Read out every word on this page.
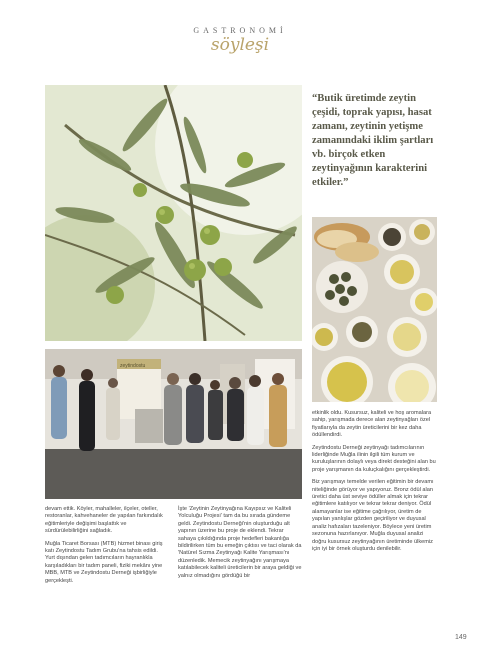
GASTRONOMİ
söyleşi
“Butik üretimde zeytin çeşidi, toprak yapısı, hasat zamanı, zeytinin yetişme zamanındaki iklim şartları vb. birçok etken zeytinyağının karakterini etkiler.”
zeytindostu

devam ettik. Köyler, mahalleler, ilçeler, oteller, restoranlar, kahvehaneler de yapılan farkındalık eğitimleriyle değişimi başlattık ve sürdürülebilirliğini sağladık.

Muğla Ticaret Borsası (MTB) hizmet binası giriş katı Zeytindostu Tadım Grubu'na tahsis edildi. Yurt dışından gelen tadımcıların hayranlıkla karşıladıkları bir tadım paneli, fiziki mekânı yine MBB, MTB ve Zeytindostu Derneği işbirliğiyle gerçekleşti.

İşte 'Zeytinin Zeytinyağına Kayıpsız ve Kaliteli Yolculuğu Projesi' tam da bu sırada gündeme geldi. Zeytindostu Derneği'nin oluşturduğu alt yapının üzerine bu proje de eklendi. Tekrar sahaya çıkıldığında proje hedefleri bakanlığa bildirilirken tüm bu emeğin çıktısı ve taci olarak da 'Natürel Sızma Zeytinyağı Kalite Yarışması'nı düzenledik. Memecik zeytinyağını yarışmaya katılabilecek kaliteli üreticilerin bir araya geldiği ve yalnız olmadığını gördüğü bir

etkinlik oldu. Kusursuz, kaliteli ve hoş aromalara sahip, yarışmada derece alan zeytinyağları özel fiyatlarıyla da zeytin üreticilerini bir kez daha ödüllendirdi.

Zeytindostu Derneği zeytinyağı tadımcılarının liderliğinde Muğla ilinin ilgili tüm kurum ve kuruluşlarının dolaylı veya direkt desteğini alan bu proje yarışmanın da kuluçkalığını gerçekleştirdi.

Biz yarışmayı temelde verilen eğitimin bir devamı niteliğinde görüyor ve yapıyoruz. Bronz ödül alan üretici daha üst seviye ödüller almak için tekrar eğitimlere katılıyor ve tekrar tekrar deniyor. Ödül alamayanlar ise eğitime çağrılıyor, üretim de yapılan yanlışlar gözden geçiriliyor ve duyusal analiz hafızaları tazeleniyor. Böylece yeni üretim sezonuna hazırlanıyor. Muğla duyusal analizi doğru kusursuz zeytinyağının üretiminde ülkemiz için iyi bir örnek oluşturdu denilebilir.

149
